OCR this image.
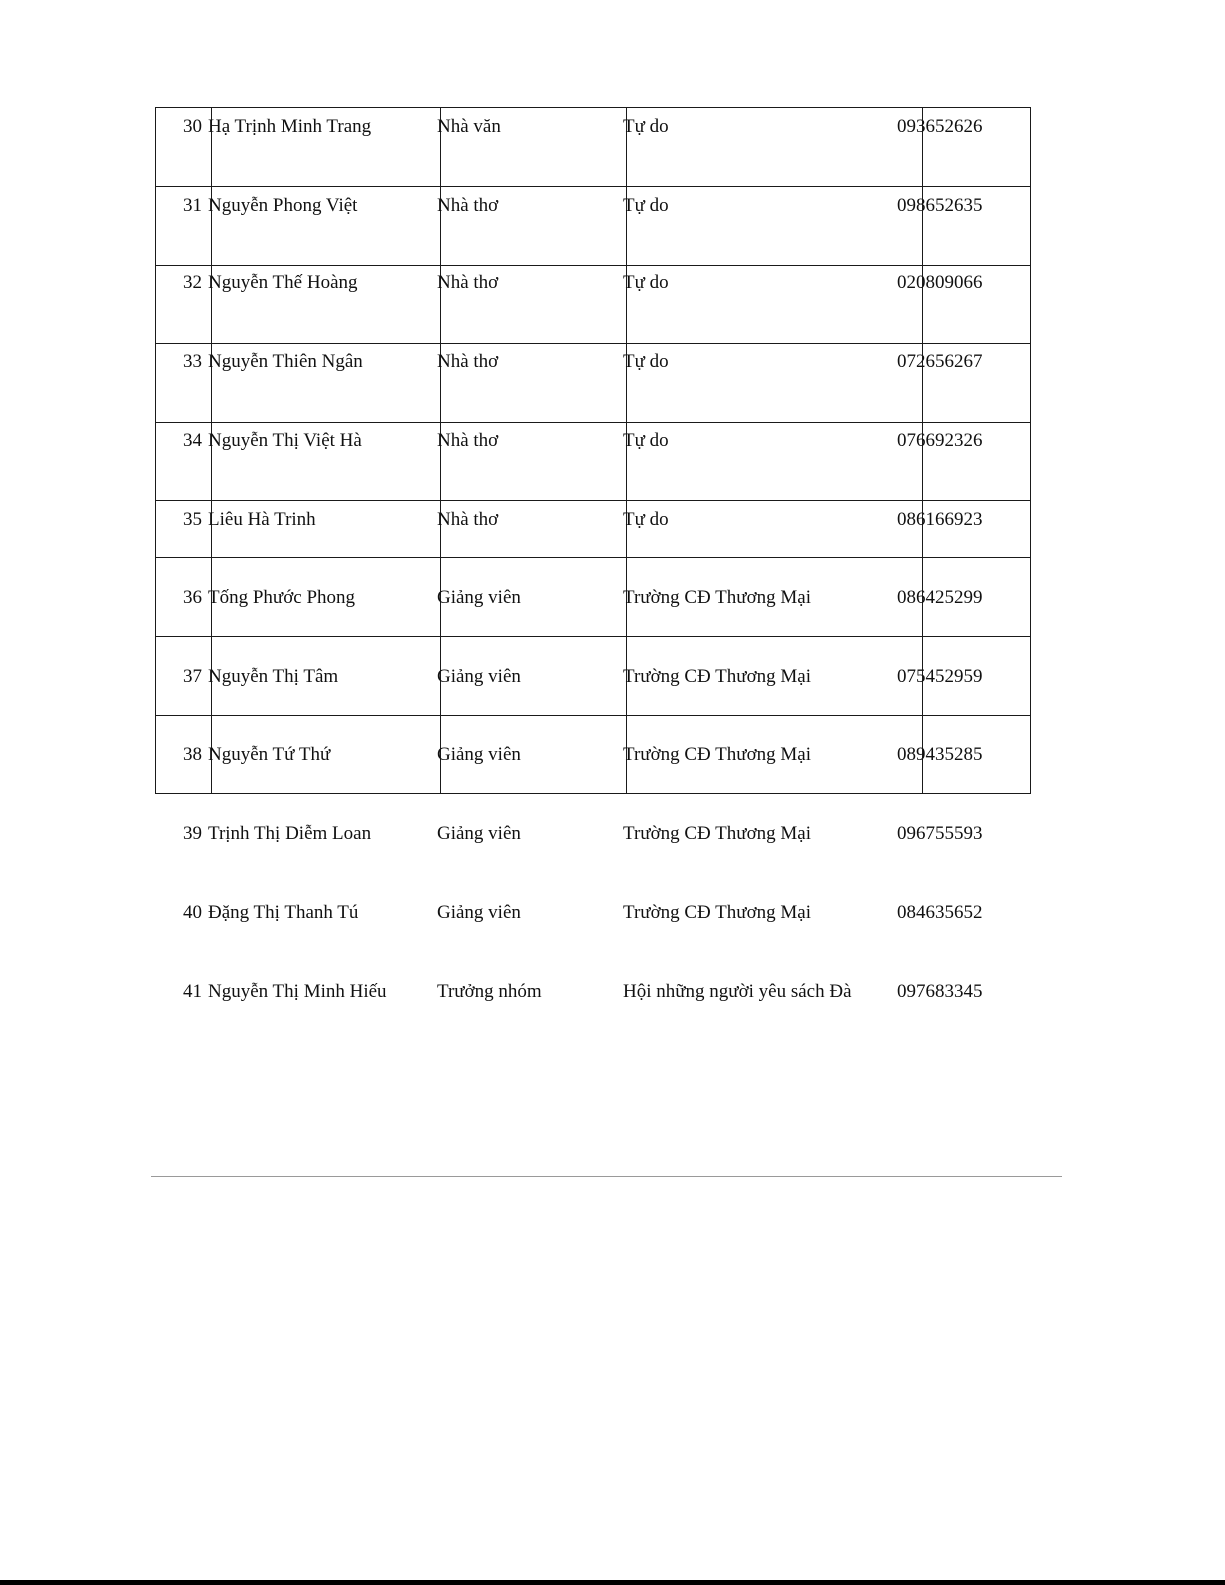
30 Hạ Trịnh Minh Trang	Nhà văn	Tự do	093652626
31 Nguyễn Phong Việt	Nhà thơ	Tự do	098652635
32 Nguyễn Thế Hoàng	Nhà thơ	Tự do	020809066
33 Nguyễn Thiên Ngân	Nhà thơ	Tự do	072656267
34 Nguyễn Thị Việt Hà	Nhà thơ	Tự do	076692326
35 Liêu Hà Trinh	Nhà thơ	Tự do	086166923
36 Tống Phước Phong	Giảng viên	Trường CĐ Thương Mại	086425299
37 Nguyễn Thị Tâm	Giảng viên	Trường CĐ Thương Mại	075452959
38 Nguyễn Tứ Thứ	Giảng viên	Trường CĐ Thương Mại	089435285
39 Trịnh Thị Diễm Loan	Giảng viên	Trường CĐ Thương Mại	096755593
40 Đặng Thị Thanh Tú	Giảng viên	Trường CĐ Thương Mại	084635652
41 Nguyễn Thị Minh Hiếu	Trưởng nhóm	Hội những người yêu sách Đà	097683345
